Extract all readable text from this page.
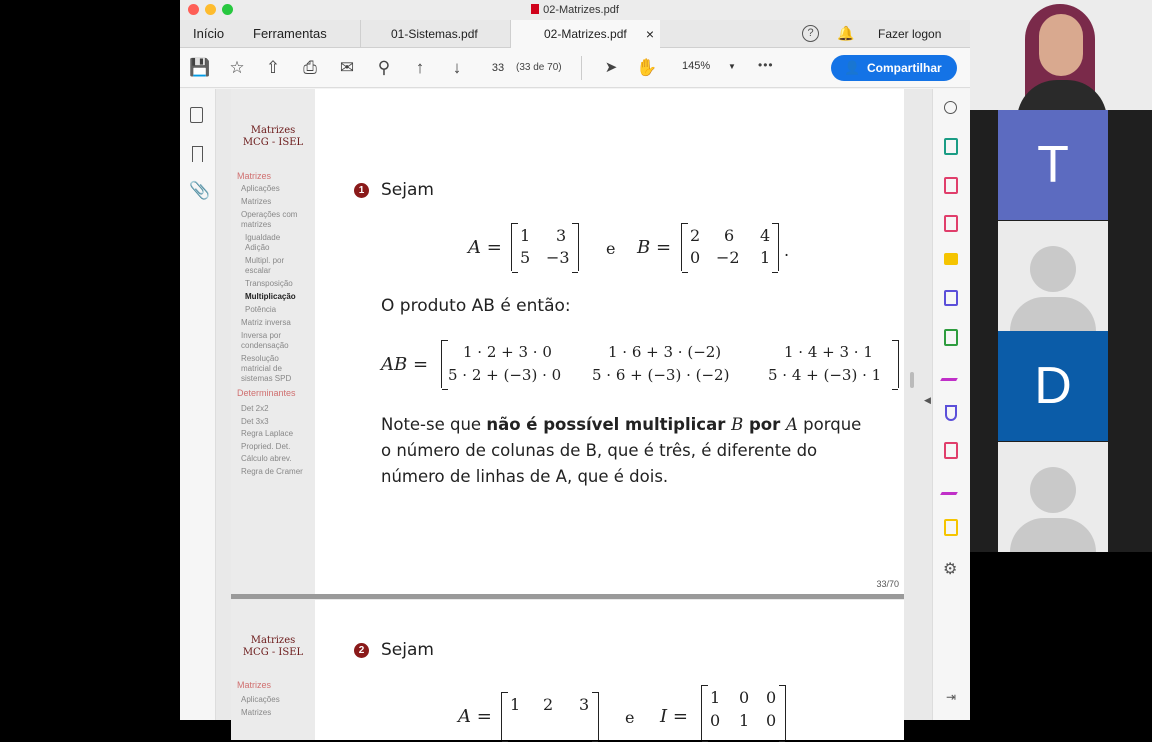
T
D
02-Matrizes.pdf
Início Ferramentas	01-Sistemas.pdf	02-Matrizes.pdf ×	?	🔔 Fazer logon
💾 ☆ ⇧ ⎙ ✉ ⚲	↑	↓	33	(33 de 70)	➤ ✋ 145% ▼ •••	👤 Compartilhar
📎
Matrizes
MCG - ISEL
Matrizes
Aplicações
Matrizes
Operações com
matrizes
Igualdade
Adição
Multipl. por
escalar
Transposição
Multiplicação
Potência
Matriz inversa
Inversa por
condensação
Resolução
matricial de
sistemas SPD
Determinantes
Det 2x2
Det 3x3
Regra Laplace
Propried. Det.
Cálculo abrev.
Regra de Cramer
1 Sejam
A =
1 3
5 −3 e B =
2 6 4
0 −2 1 .
O produto AB é então:
AB =
1 · 2 + 3 · 0	1 · 6 + 3 · (−2)	1 · 4 + 3 · 1
5 · 2 + (−3) · 0 5 · 6 + (−3) · (−2)	5 · 4 + (−3) · 1
Note-se que não é possível multiplicar B por A porque
o número de colunas de B, que é três, é diferente do
número de linhas de A, que é dois.
33/70
Matrizes
MCG - ISEL
Matrizes
Aplicações
Matrizes
2 Sejam
A =
1 2 3
e I =
1 0 0
0 1 0
◀
⚙
⇥
